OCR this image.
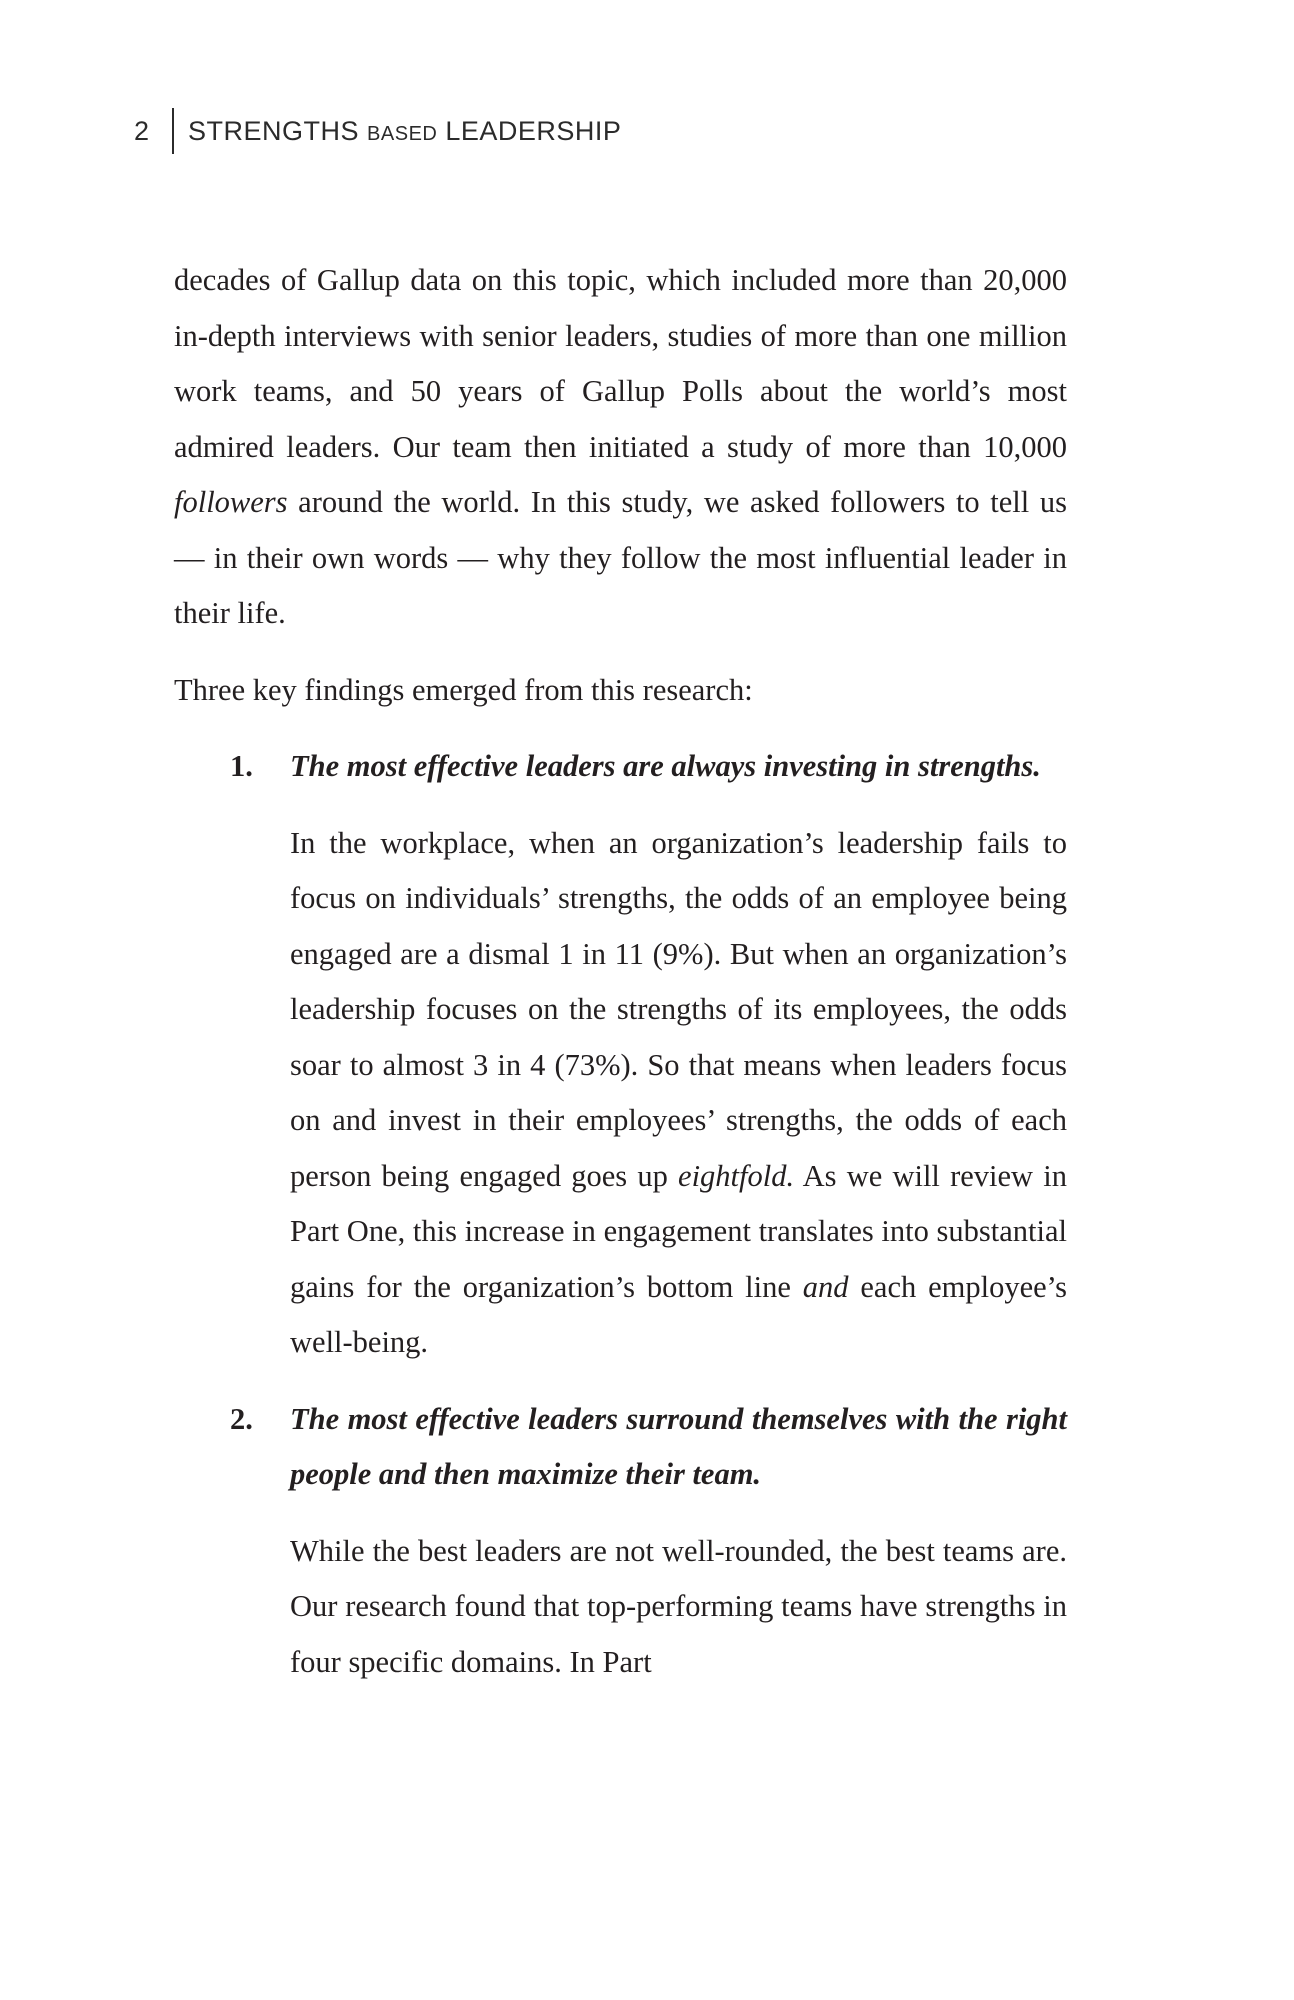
2 STRENGTHS BASED LEADERSHIP

decades of Gallup data on this topic, which included more than 20,000 in-depth interviews with senior leaders, studies of more than one million work teams, and 50 years of Gallup Polls about the world’s most admired leaders. Our team then initiated a study of more than 10,000 followers around the world. In this study, we asked followers to tell us — in their own words — why they follow the most influential leader in their life.

Three key findings emerged from this research:

1. The most effective leaders are always investing in strengths.

In the workplace, when an organization’s leadership fails to focus on individuals’ strengths, the odds of an employee being engaged are a dismal 1 in 11 (9%). But when an organization’s leadership focuses on the strengths of its employees, the odds soar to almost 3 in 4 (73%). So that means when leaders focus on and invest in their employees’ strengths, the odds of each person being engaged goes up eightfold. As we will review in Part One, this increase in engagement translates into substantial gains for the organization’s bottom line and each employee’s well-being.

2. The most effective leaders surround themselves with the right people and then maximize their team.

While the best leaders are not well-rounded, the best teams are. Our research found that top-performing teams have strengths in four specific domains. In Part
